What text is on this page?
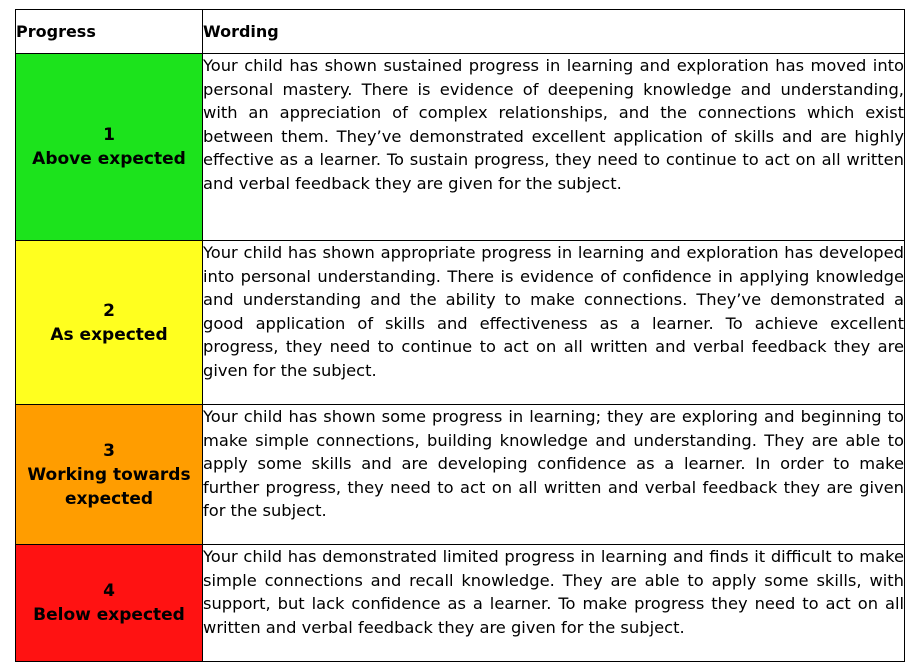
Progress	Wording

1
Above expected	Your child has shown sustained progress in learning and exploration has moved into personal mastery. There is evidence of deepening knowledge and understanding, with an appreciation of complex relationships, and the connections which exist between them. They’ve demonstrated excellent application of skills and are highly effective as a learner. To sustain progress, they need to continue to act on all written and verbal feedback they are given for the subject.

2
As expected	Your child has shown appropriate progress in learning and exploration has developed into personal understanding. There is evidence of confidence in applying knowledge and understanding and the ability to make connections. They’ve demonstrated a good application of skills and effectiveness as a learner. To achieve excellent progress, they need to continue to act on all written and verbal feedback they are given for the subject.

3
Working towards expected	Your child has shown some progress in learning; they are exploring and beginning to make simple connections, building knowledge and understanding. They are able to apply some skills and are developing confidence as a learner. In order to make further progress, they need to act on all written and verbal feedback they are given for the subject.

4
Below expected	Your child has demonstrated limited progress in learning and finds it difficult to make simple connections and recall knowledge. They are able to apply some skills, with support, but lack confidence as a learner. To make progress they need to act on all written and verbal feedback they are given for the subject.
